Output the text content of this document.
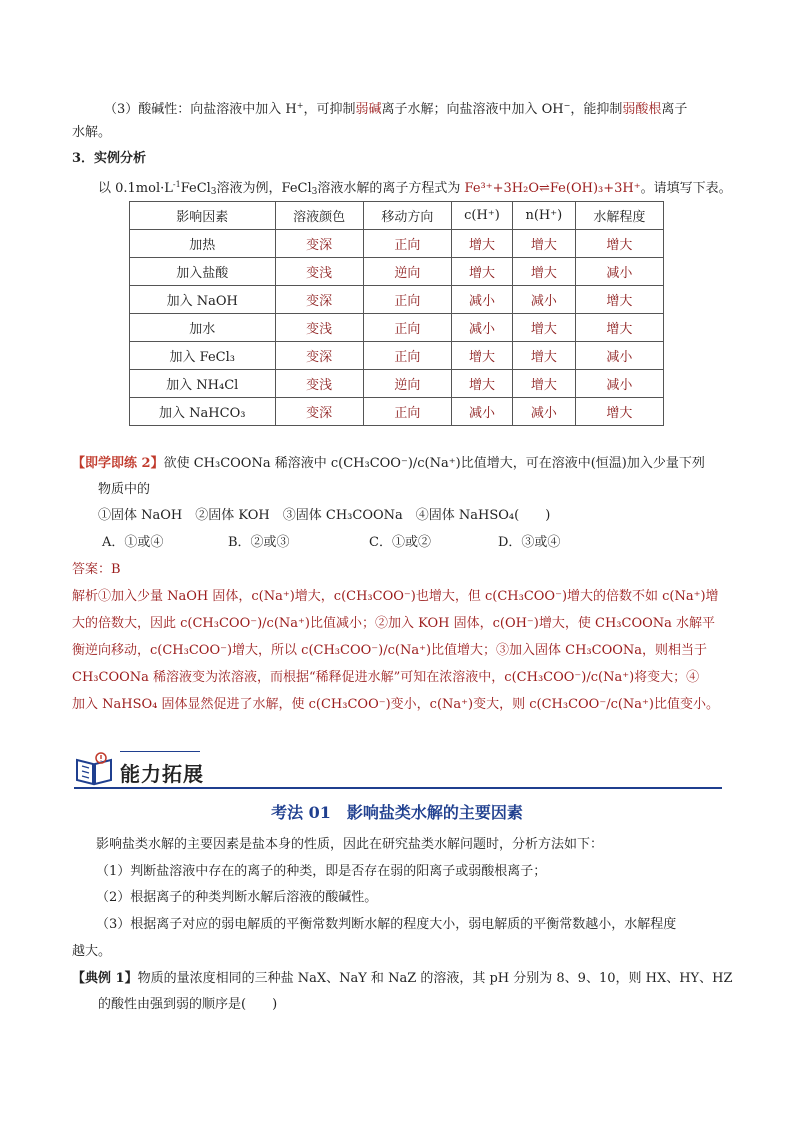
（3）酸碱性：向盐溶液中加入 H+，可抑制弱碱离子水解；向盐溶液中加入 OH−，能抑制弱酸根离子
水解。
3．实例分析
以 $0.1mol\cdot L^{-1}FeCl_3$溶液为例，FeCl$_3$溶液水解的离子方程式为 Fe³⁺+3H₂O⇌Fe(OH)₃+3H⁺。请填写下表。
影响因素	溶液颜色	移动方向	c(H⁺)	n(H⁺)	水解程度
加热	变深	正向	增大	增大	增大
加入盐酸	变浅	逆向	增大	增大	减小
加入 NaOH	变深	正向	减小	减小	增大
加水	变浅	正向	减小	增大	增大
加入 FeCl₃	变深	正向	增大	增大	减小
加入 NH₄Cl	变浅	逆向	增大	增大	减小
加入 NaHCO₃	变深	正向	减小	减小	增大
【即学即练 2】欲使 CH₃COONa 稀溶液中 c(CH₃COO⁻)/c(Na⁺)比值增大，可在溶液中(恒温)加入少量下列
物质中的
①固体 NaOH　②固体 KOH　③固体 CH₃COONa　④固体 NaHSO₄(　　)
A．①或④	B．②或③	C．①或②	D．③或④
答案：B
解析①加入少量 NaOH 固体，c(Na⁺)增大，c(CH₃COO⁻)也增大，但 c(CH₃COO⁻)增大的倍数不如 c(Na⁺)增
大的倍数大，因此 c(CH₃COO⁻)/c(Na⁺)比值减小；②加入 KOH 固体，c(OH⁻)增大，使 CH₃COONa 水解平
衡逆向移动，c(CH₃COO⁻)增大，所以 c(CH₃COO⁻)/c(Na⁺)比值增大；③加入固体 CH₃COONa，则相当于
CH₃COONa 稀溶液变为浓溶液，而根据“稀释促进水解”可知在浓溶液中，c(CH₃COO⁻)/c(Na⁺)将变大；④
加入 NaHSO₄ 固体显然促进了水解，使 c(CH₃COO⁻)变小，c(Na⁺)变大，则 c(CH₃COO⁻/c(Na⁺)比值变小。
能力拓展
考法 01　影响盐类水解的主要因素
影响盐类水解的主要因素是盐本身的性质，因此在研究盐类水解问题时，分析方法如下：
（1）判断盐溶液中存在的离子的种类，即是否存在弱的阳离子或弱酸根离子；
（2）根据离子的种类判断水解后溶液的酸碱性。
（3）根据离子对应的弱电解质的平衡常数判断水解的程度大小，弱电解质的平衡常数越小，水解程度
越大。
【典例 1】物质的量浓度相同的三种盐 NaX、NaY 和 NaZ 的溶液，其 pH 分别为 8、9、10，则 HX、HY、HZ
的酸性由强到弱的顺序是(　　)
